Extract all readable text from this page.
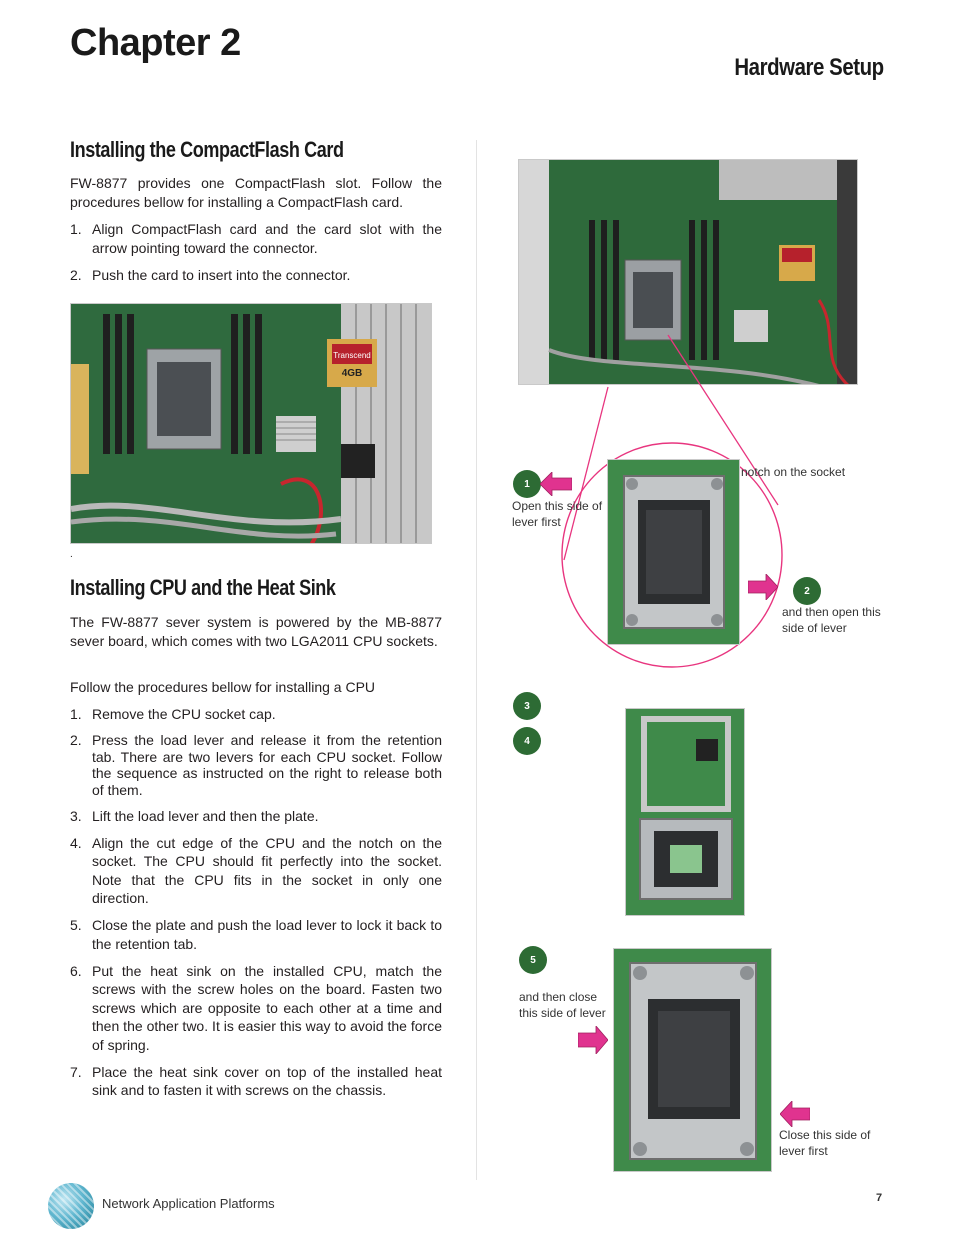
Chapter 2
Hardware Setup
Installing the CompactFlash Card
FW-8877 provides one CompactFlash slot. Follow the procedures bellow for installing a CompactFlash card.
1. Align CompactFlash card and the card slot with the arrow pointing toward the connector.
2. Push the card to insert into the connector.
Transcend
4GB
.
Installing CPU and the Heat Sink
The FW-8877 sever system is powered by the MB-8877 sever board, which comes with two LGA2011 CPU sockets.
Follow the procedures bellow for installing a CPU
1. Remove the CPU socket cap.
2. Press the load lever and release it from the retention tab. There are two levers for each CPU socket. Follow the sequence as instructed on the right to release both of them.
3. Lift the load lever and then the plate.
4. Align the cut edge of the CPU and the notch on the socket. The CPU should fit perfectly into the socket. Note that the CPU fits in the socket in only one direction.
5. Close the plate and push the load lever to lock it back to the retention tab.
6. Put the heat sink on the installed CPU, match the screws with the screw holes on the board. Fasten two screws which are opposite to each other at a time and then the other two. It is easier this way to avoid the force of spring.
7. Place the heat sink cover on top of the installed heat sink and to fasten it with screws on the chassis.
1
2
3
4
5
notch on the socket
Open this side of lever first
and then open this side of lever
and then close this side of lever
Close this side of lever first
Network Application Platforms	7
